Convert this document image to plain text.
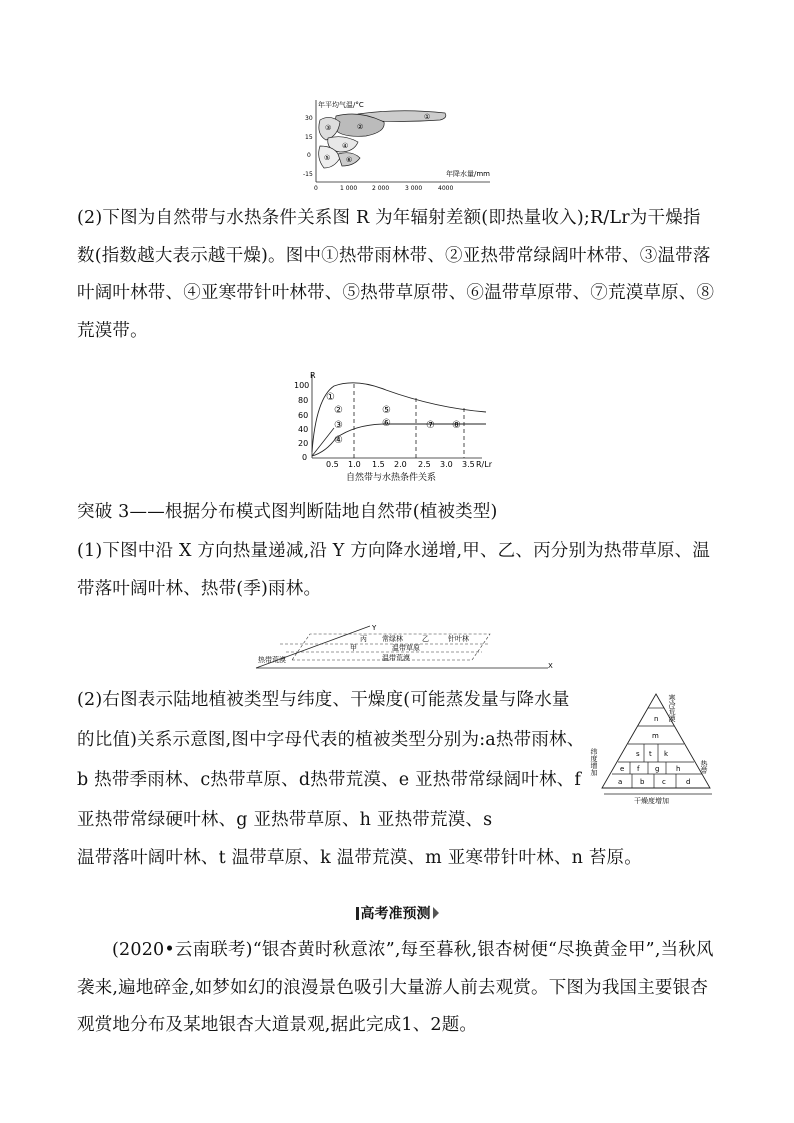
年平均气温/°C
年降水量/mm
30
15
0
-15
0	1 000 2 000	3 000	4000
①
②
③
④
⑤ ⑥
(2)下图为自然带与水热条件关系图 R 为年辐射差额(即热量收入);R/Lr为干燥指数(指数越大表示越干燥)。图中①热带雨林带、②亚热带常绿阔叶林带、③温带落叶阔叶林带、④亚寒带针叶林带、⑤热带草原带、⑥温带草原带、⑦荒漠草原、⑧荒漠带。
R
100
80
60
40
20
0
0.5 1.0 1.5 2.0 2.5 3.0 3.5 R/Lr
①
②
③
④
⑤
⑥	⑦ ⑧
自然带与水热条件关系
突破 3——根据分布模式图判断陆地自然带(植被类型)
(1)下图中沿 X 方向热量递减,沿 Y 方向降水递增,甲、乙、丙分别为热带草原、温带落叶阔叶林、热带(季)雨林。
Y
X
丙 常绿林	乙	针叶林
甲	温带草原
热带荒漠	温带荒漠
(2)右图表示陆地植被类型与纬度、干燥度(可能蒸发量与降水量的比值)关系示意图,图中字母代表的植被类型分别为:a热带雨林、b 热带季雨林、c热带草原、d热带荒漠、e 亚热带常绿阔叶林、f 亚热带常绿硬叶林、g 亚热带草原、h 亚热带荒漠、s
温带落叶阔叶林、t 温带草原、k 温带荒漠、m 亚寒带针叶林、n 苔原。
n
m
s t k
e f g h
a	b	c	d
纬度增加
寒冷荒漠
热带
干燥度增加
高考准预测
(2020•云南联考)“银杏黄时秋意浓”,每至暮秋,银杏树便“尽换黄金甲”,当秋风袭来,遍地碎金,如梦如幻的浪漫景色吸引大量游人前去观赏。下图为我国主要银杏观赏地分布及某地银杏大道景观,据此完成1、2题。
